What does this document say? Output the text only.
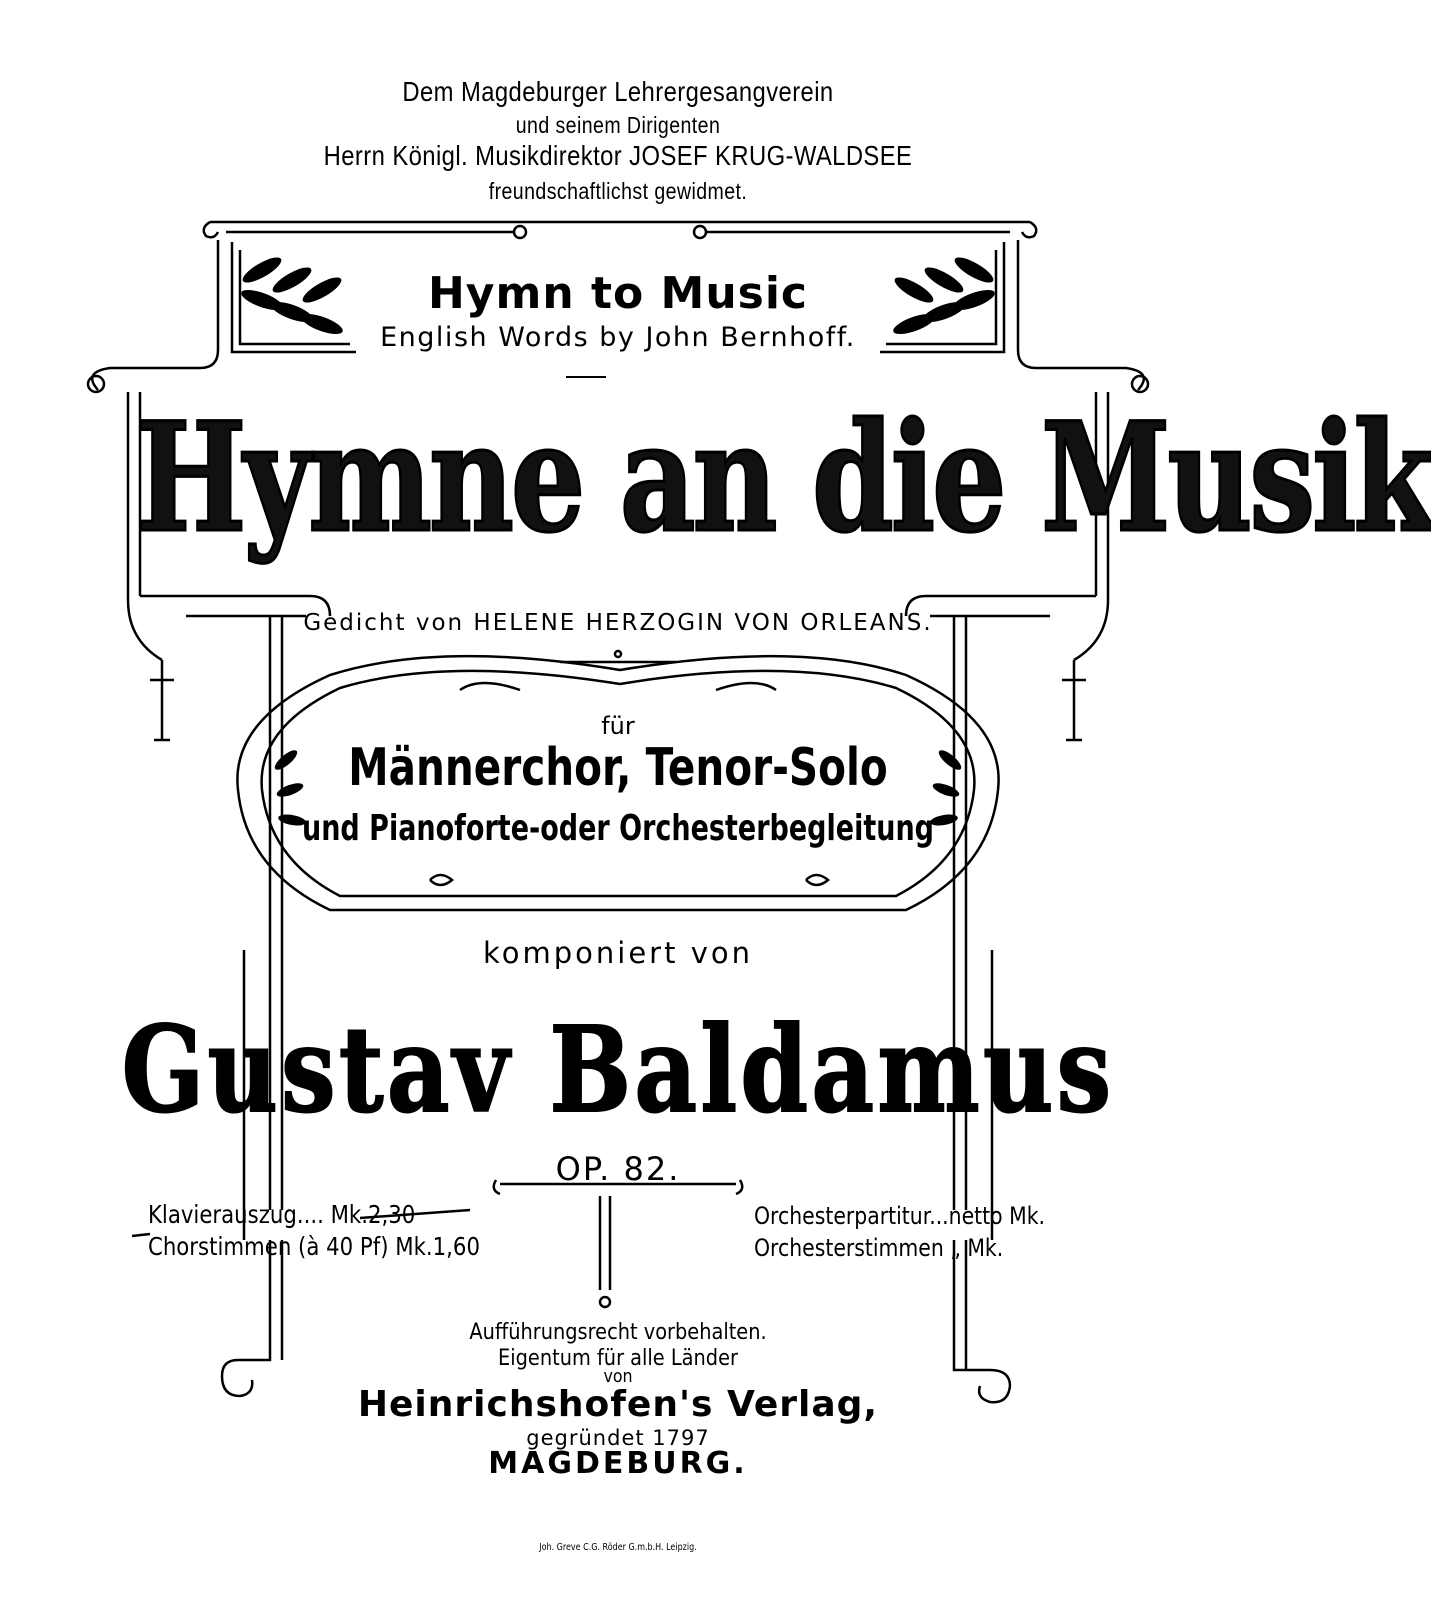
Dem Magdeburger Lehrergesangverein
und seinem Dirigenten
Herrn Königl. Musikdirektor JOSEF KRUG-WALDSEE
freundschaftlichst gewidmet.
Hymn to Music
English Words by John Bernhoff.
Hymne an die Musik
Gedicht von HELENE HERZOGIN VON ORLEANS.
für
Männerchor, Tenor-Solo
und Pianoforte-oder Orchesterbegleitung
komponiert von
Gustav Baldamus
OP. 82.
Klavierauszug.... Mk.2,30
Chorstimmen (à 40 Pf) Mk.1,60
Orchesterpartitur...netto Mk.
Orchesterstimmen „ Mk.
Aufführungsrecht vorbehalten.
Eigentum für alle Länder
von
Heinrichshofen's Verlag,
gegründet 1797
MAGDEBURG.
Joh. Greve C.G. Röder G.m.b.H. Leipzig.
